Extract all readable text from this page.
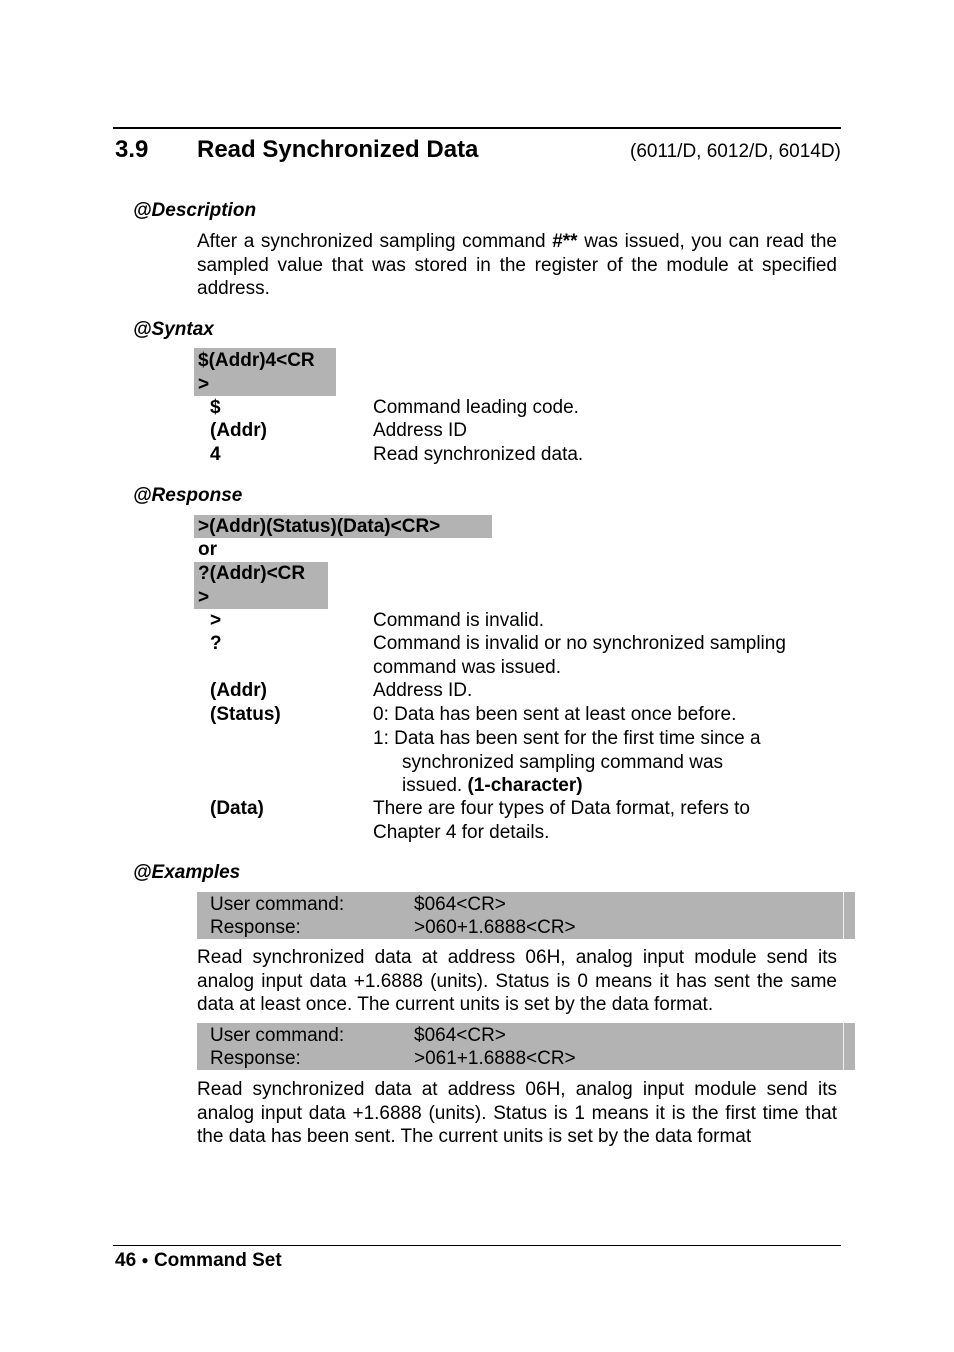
3.9 Read Synchronized Data	(6011/D, 6012/D, 6014D)
@Description
After a synchronized sampling command #** was issued, you can read the sampled value that was stored in the register of the module at specified address.
@Syntax
$(Addr)4<CR
>
$	Command leading code.
(Addr)	Address ID
4	Read synchronized data.
@Response
>(Addr)(Status)(Data)<CR>
or
?(Addr)<CR
>
>	Command is invalid.
?	Command is invalid or no synchronized sampling
command was issued.
(Addr)	Address ID.
(Status)	0: Data has been sent at least once before.
1: Data has been sent for the first time since a
synchronized sampling command was
issued. (1-character)
(Data)	There are four types of Data format, refers to
Chapter 4 for details.
@Examples
User command:	$064<CR>
Response:	>060+1.6888<CR>
Read synchronized data at address 06H, analog input module send its analog input data +1.6888 (units). Status is 0 means it has sent the same data at least once. The current units is set by the data format.
User command:	$064<CR>
Response:	>061+1.6888<CR>
Read synchronized data at address 06H, analog input module send its analog input data +1.6888 (units). Status is 1 means it is the first time that the data has been sent. The current units is set by the data format
46 ● Command Set
